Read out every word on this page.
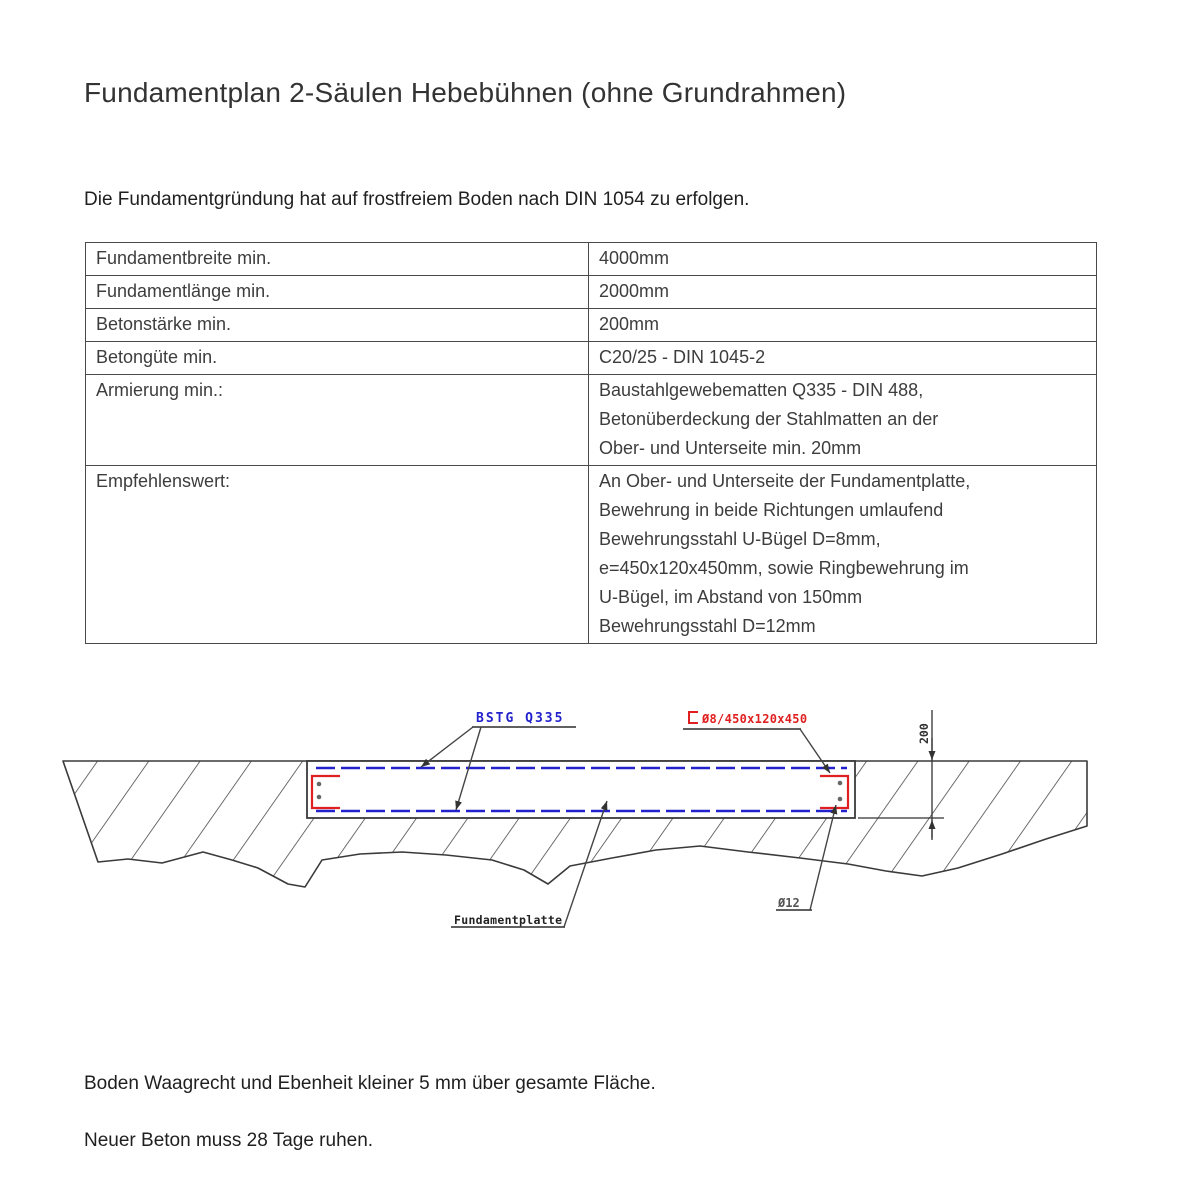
Fundamentplan 2-Säulen Hebebühnen (ohne Grundrahmen)

Die Fundamentgründung hat auf frostfreiem Boden nach DIN 1054 zu erfolgen.

Fundamentbreite min.	4000mm
Fundamentlänge min.	2000mm
Betonstärke min.	200mm
Betongüte min.	C20/25 - DIN 1045-2
Armierung min.:	Baustahlgewebematten Q335 - DIN 488,
Betonüberdeckung der Stahlmatten an der
Ober- und Unterseite min. 20mm

Empfehlenswert:	An Ober- und Unterseite der Fundamentplatte,
Bewehrung in beide Richtungen umlaufend
Bewehrungsstahl U-Bügel D=8mm,
e=450x120x450mm, sowie Ringbewehrung im
U-Bügel, im Abstand von 150mm
Bewehrungsstahl D=12mm
BSTG Q335	Ø8/450x120x450
200
Ø12
Fundamentplatte

Boden Waagrecht und Ebenheit kleiner 5 mm über gesamte Fläche.

Neuer Beton muss 28 Tage ruhen.
